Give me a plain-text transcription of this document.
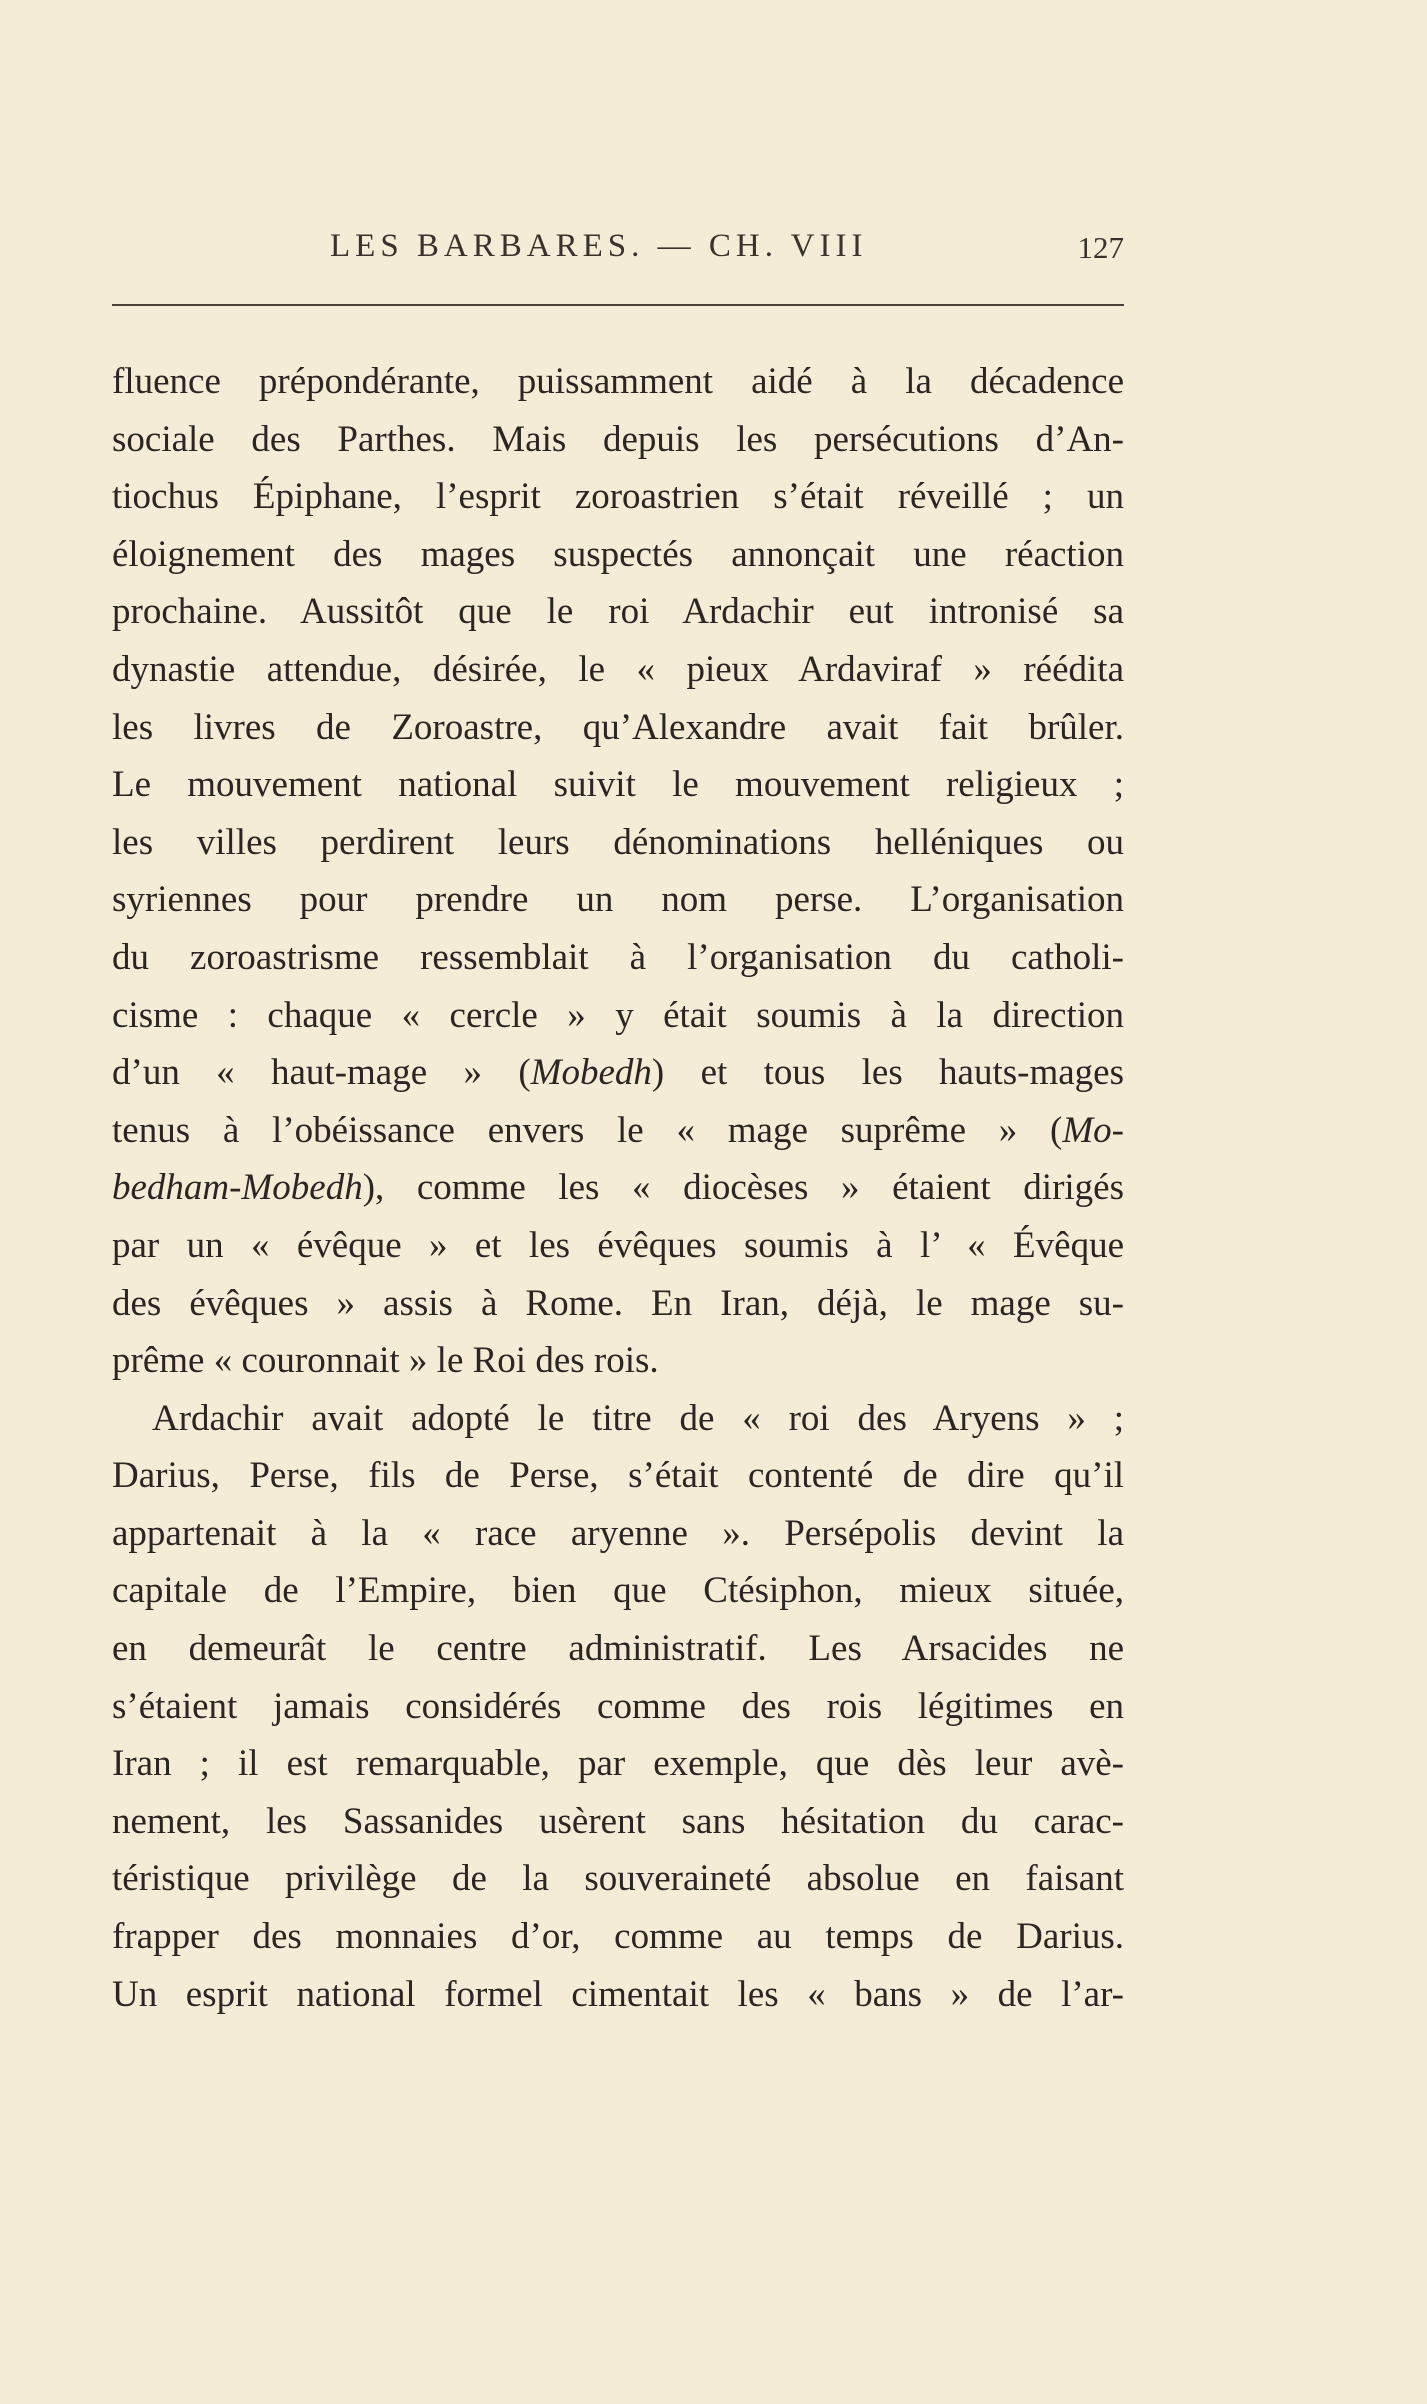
LES BARBARES. — CH. VIII	127
fluence prépondérante, puissamment aidé à la décadence
sociale des Parthes. Mais depuis les persécutions d’An-
tiochus Épiphane, l’esprit zoroastrien s’était réveillé ; un
éloignement des mages suspectés annonçait une réaction
prochaine. Aussitôt que le roi Ardachir eut intronisé sa
dynastie attendue, désirée, le « pieux Ardaviraf » réédita
les livres de Zoroastre, qu’Alexandre avait fait brûler.
Le mouvement national suivit le mouvement religieux ;
les villes perdirent leurs dénominations helléniques ou
syriennes pour prendre un nom perse. L’organisation
du zoroastrisme ressemblait à l’organisation du catholi-
cisme : chaque « cercle » y était soumis à la direction
d’un « haut-mage » (Mobedh) et tous les hauts-mages
tenus à l’obéissance envers le « mage suprême » (Mo-
bedham-Mobedh), comme les « diocèses » étaient dirigés
par un « évêque » et les évêques soumis à l’ « Évêque
des évêques » assis à Rome. En Iran, déjà, le mage su-
prême « couronnait » le Roi des rois.
Ardachir avait adopté le titre de « roi des Aryens » ;
Darius, Perse, fils de Perse, s’était contenté de dire qu’il
appartenait à la « race aryenne ». Persépolis devint la
capitale de l’Empire, bien que Ctésiphon, mieux située,
en demeurât le centre administratif. Les Arsacides ne
s’étaient jamais considérés comme des rois légitimes en
Iran ; il est remarquable, par exemple, que dès leur avè-
nement, les Sassanides usèrent sans hésitation du carac-
téristique privilège de la souveraineté absolue en faisant
frapper des monnaies d’or, comme au temps de Darius.
Un esprit national formel cimentait les « bans » de l’ar-
